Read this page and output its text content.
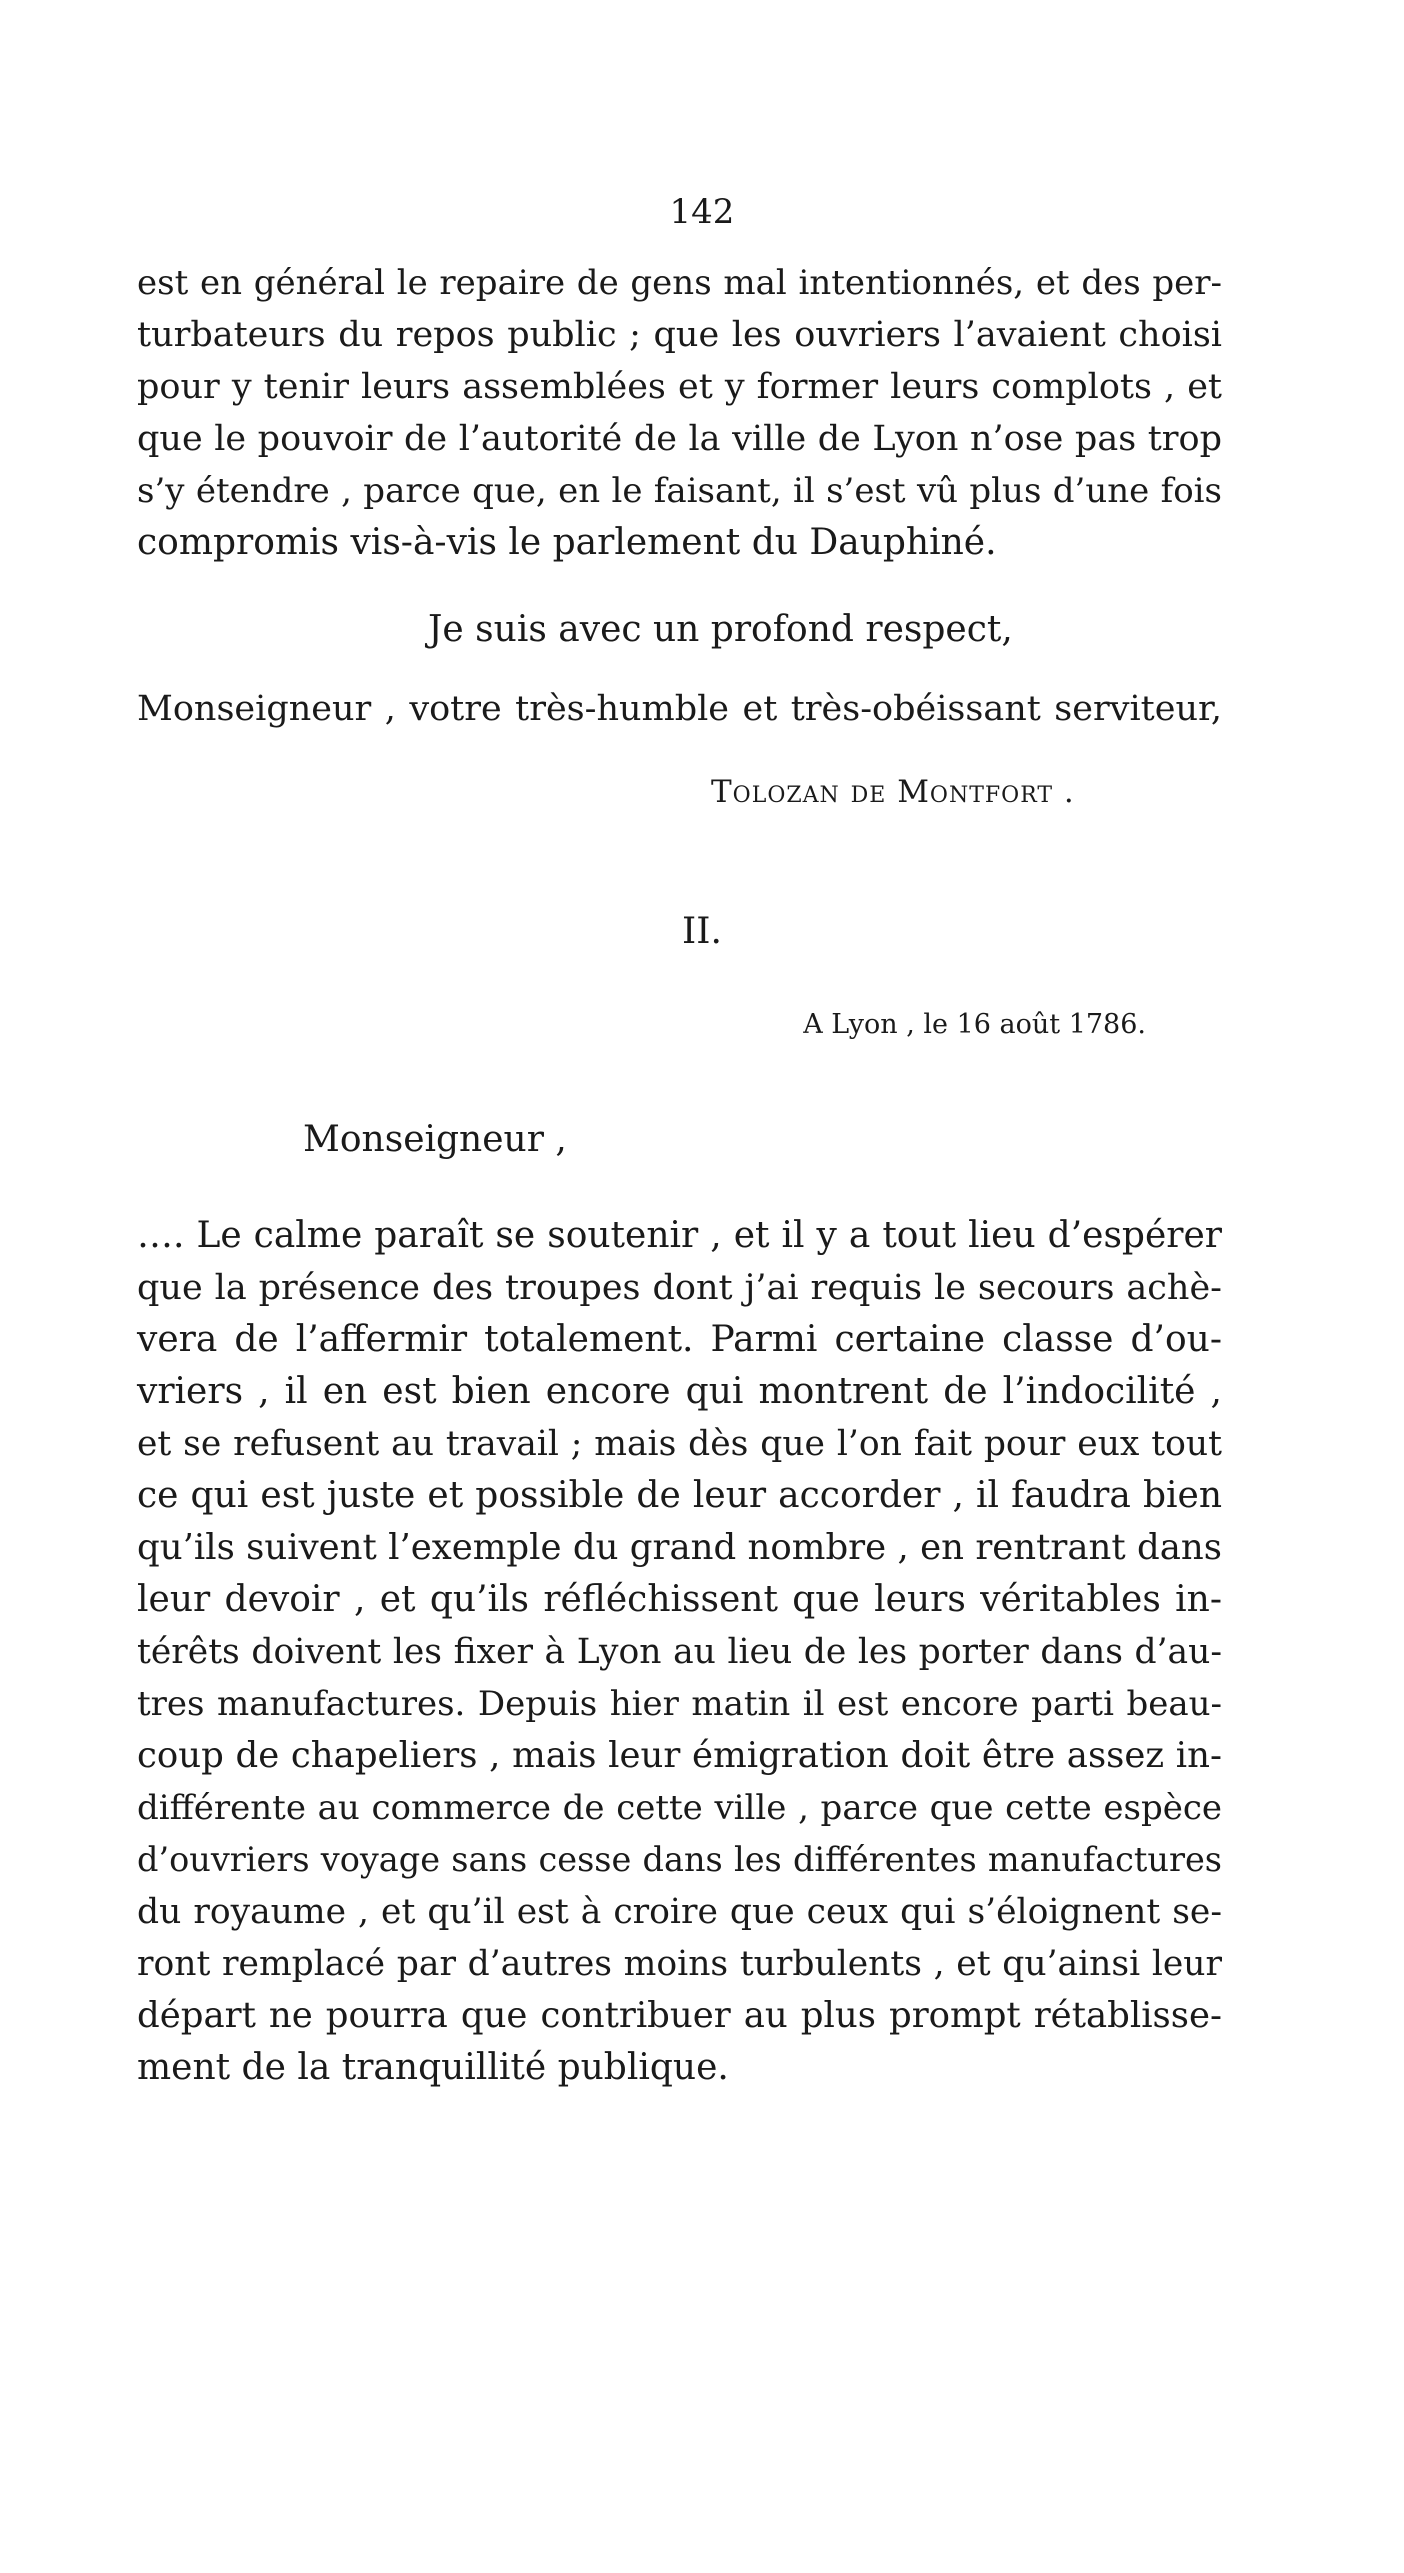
142
est en général le repaire de gens mal intentionnés, et des per-
turbateurs du repos public ; que les ouvriers l’avaient choisi
pour y tenir leurs assemblées et y former leurs complots , et
que le pouvoir de l’autorité de la ville de Lyon n’ose pas trop
s’y étendre , parce que, en le faisant, il s’est vû plus d’une fois
compromis vis-à-vis le parlement du Dauphiné.
Je suis avec un profond respect,
Monseigneur , votre très-humble et très-obéissant serviteur,
Tolozan de Montfort .
II.
A Lyon , le 16 août 1786.
Monseigneur ,
…. Le calme paraît se soutenir , et il y a tout lieu d’espérer
que la présence des troupes dont j’ai requis le secours achè-
vera de l’affermir totalement. Parmi certaine classe d’ou-
vriers , il en est bien encore qui montrent de l’indocilité ,
et se refusent au travail ; mais dès que l’on fait pour eux tout
ce qui est juste et possible de leur accorder , il faudra bien
qu’ils suivent l’exemple du grand nombre , en rentrant dans
leur devoir , et qu’ils réfléchissent que leurs véritables in-
térêts doivent les fixer à Lyon au lieu de les porter dans d’au-
tres manufactures. Depuis hier matin il est encore parti beau-
coup de chapeliers , mais leur émigration doit être assez in-
différente au commerce de cette ville , parce que cette espèce
d’ouvriers voyage sans cesse dans les différentes manufactures
du royaume , et qu’il est à croire que ceux qui s’éloignent se-
ront remplacé par d’autres moins turbulents , et qu’ainsi leur
départ ne pourra que contribuer au plus prompt rétablisse-
ment de la tranquillité publique.
